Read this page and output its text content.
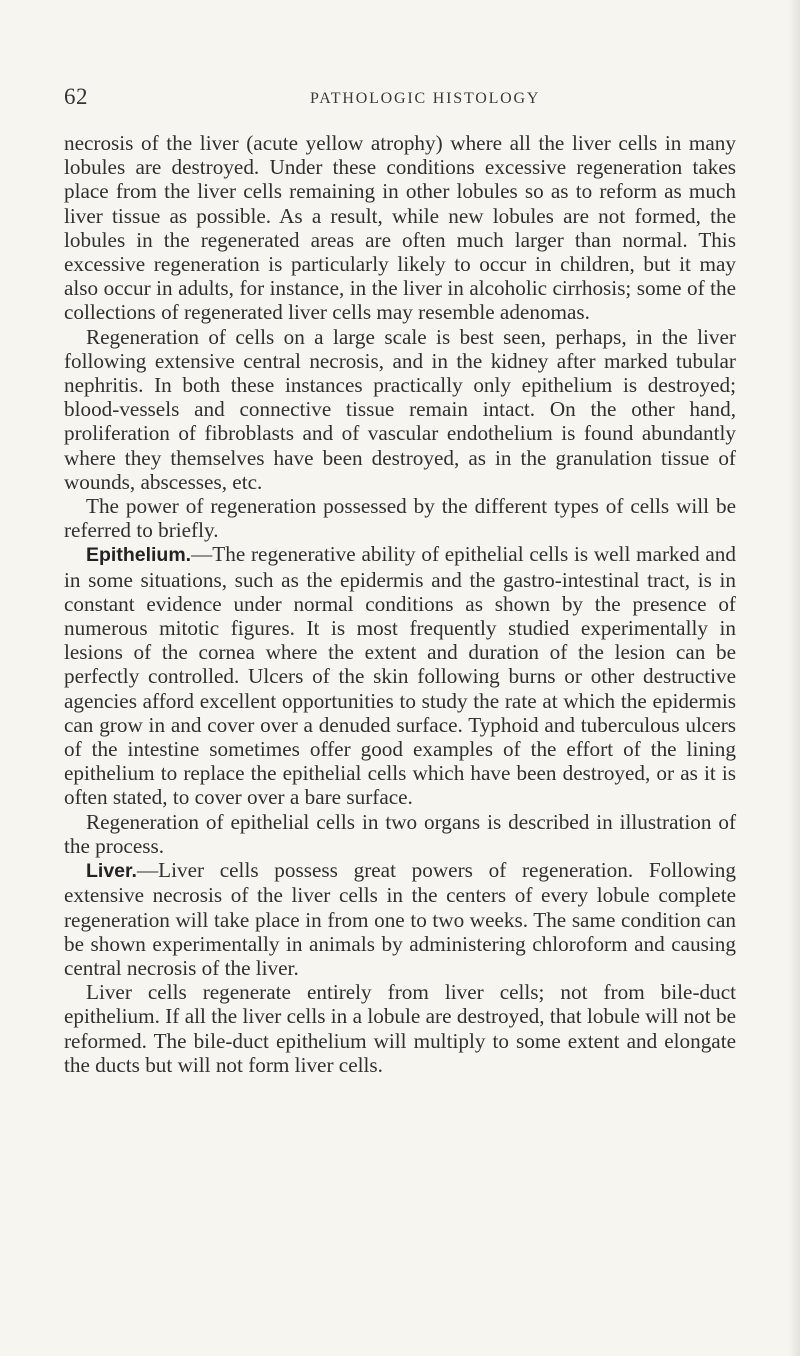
62	PATHOLOGIC HISTOLOGY

necrosis of the liver (acute yellow atrophy) where all the liver cells in many lobules are destroyed. Under these conditions excessive regeneration takes place from the liver cells remaining in other lobules so as to reform as much liver tissue as possible. As a result, while new lobules are not formed, the lobules in the regenerated areas are often much larger than normal. This excessive regeneration is particularly likely to occur in children, but it may also occur in adults, for instance, in the liver in alcoholic cirrhosis; some of the collections of regenerated liver cells may resemble adenomas.

Regeneration of cells on a large scale is best seen, perhaps, in the liver following extensive central necrosis, and in the kidney after marked tubular nephritis. In both these instances practically only epithelium is destroyed; blood-vessels and connective tissue remain intact. On the other hand, proliferation of fibroblasts and of vascular endothelium is found abundantly where they themselves have been destroyed, as in the granulation tissue of wounds, abscesses, etc.

The power of regeneration possessed by the different types of cells will be referred to briefly.

Epithelium.—The regenerative ability of epithelial cells is well marked and in some situations, such as the epidermis and the gastro-intestinal tract, is in constant evidence under normal conditions as shown by the presence of numerous mitotic figures. It is most frequently studied experimentally in lesions of the cornea where the extent and duration of the lesion can be perfectly controlled. Ulcers of the skin following burns or other destructive agencies afford excellent opportunities to study the rate at which the epidermis can grow in and cover over a denuded surface. Typhoid and tuberculous ulcers of the intestine sometimes offer good examples of the effort of the lining epithelium to replace the epithelial cells which have been destroyed, or as it is often stated, to cover over a bare surface.

Regeneration of epithelial cells in two organs is described in illustration of the process.

Liver.—Liver cells possess great powers of regeneration. Following extensive necrosis of the liver cells in the centers of every lobule complete regeneration will take place in from one to two weeks. The same condition can be shown experimentally in animals by administering chloroform and causing central necrosis of the liver.

Liver cells regenerate entirely from liver cells; not from bile-duct epithelium. If all the liver cells in a lobule are destroyed, that lobule will not be reformed. The bile-duct epithelium will multiply to some extent and elongate the ducts but will not form liver cells.
